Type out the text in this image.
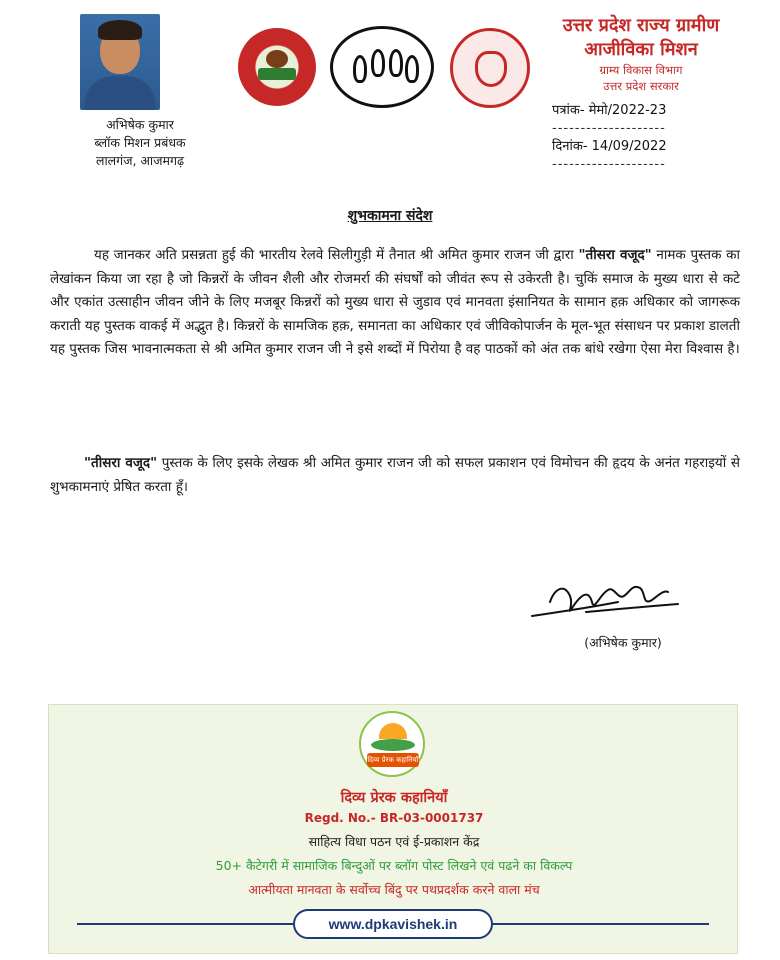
अभिषेक कुमार
ब्लॉक मिशन प्रबंधक
लालगंज, आजमगढ़
उत्तर प्रदेश राज्य ग्रामीण
आजीविका मिशन
ग्राम्य विकास विभाग
उत्तर प्रदेश सरकार
पत्रांक- मेमो/2022-23
--------------------
दिनांक- 14/09/2022
--------------------
शुभकामना संदेश
यह जानकर अति प्रसन्नता हुई की भारतीय रेलवे सिलीगुड़ी में तैनात श्री अमित कुमार राजन जी द्वारा "तीसरा वजूद" नामक पुस्तक का लेखांकन किया जा रहा है जो किन्नरों के जीवन शैली और रोजमर्रा की संघर्षों को जीवंत रूप से उकेरती है। चुकिं समाज के मुख्य धारा से कटे और एकांत उत्साहीन जीवन जीने के लिए मजबूर किन्नरों को मुख्य धारा से जुडाव एवं मानवता इंसानियत के सामान हक़ अधिकार को जागरूक कराती यह पुस्तक वाकई में अद्भुत है। किन्नरों के सामजिक हक़, समानता का अधिकार एवं जीविकोपार्जन के मूल-भूत संसाधन पर प्रकाश डालती यह पुस्तक जिस भावनात्मकता से श्री अमित कुमार राजन जी ने इसे शब्दों में पिरोया है वह पाठकों को अंत तक बांधे रखेगा ऐसा मेरा विश्वास है।
"तीसरा वजूद" पुस्तक के लिए इसके लेखक श्री अमित कुमार राजन जी को सफल प्रकाशन एवं विमोचन की हृदय के अनंत गहराइयों से शुभकामनाएं प्रेषित करता हूँ।
(अभिषेक कुमार)
दिव्य प्रेरक कहानियाँ
दिव्य प्रेरक कहानियाँ
Regd. No.- BR-03-0001737
साहित्य विधा पठन एवं ई-प्रकाशन केंद्र
50+ कैटेगरी में सामाजिक बिन्दुओं पर ब्लॉग पोस्ट लिखने एवं पढने का विकल्प
आत्मीयता मानवता के सर्वोच्च बिंदु पर पथप्रदर्शक करने वाला मंच
www.dpkavishek.in
